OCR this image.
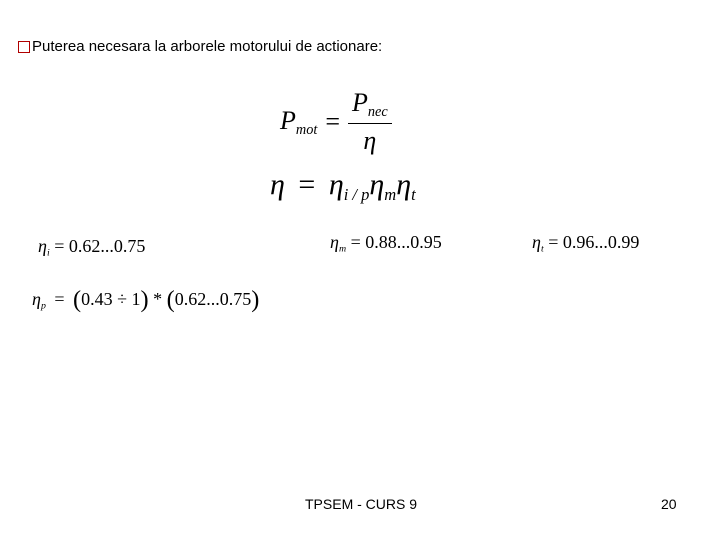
Puterea necesara la arborele motorului de actionare:
$P_{mot} = \frac{P_{nec}}{\eta}$
$\eta = \eta_{i / p}\eta_m\eta_t$
$\eta_i = 0.62...0.75$	$\eta_m = 0.88...0.95$	$\eta_t = 0.96...0.99$
$\eta_p = (0.43 \div 1) * (0.62...0.75)$
TPSEM - CURS 9	20
